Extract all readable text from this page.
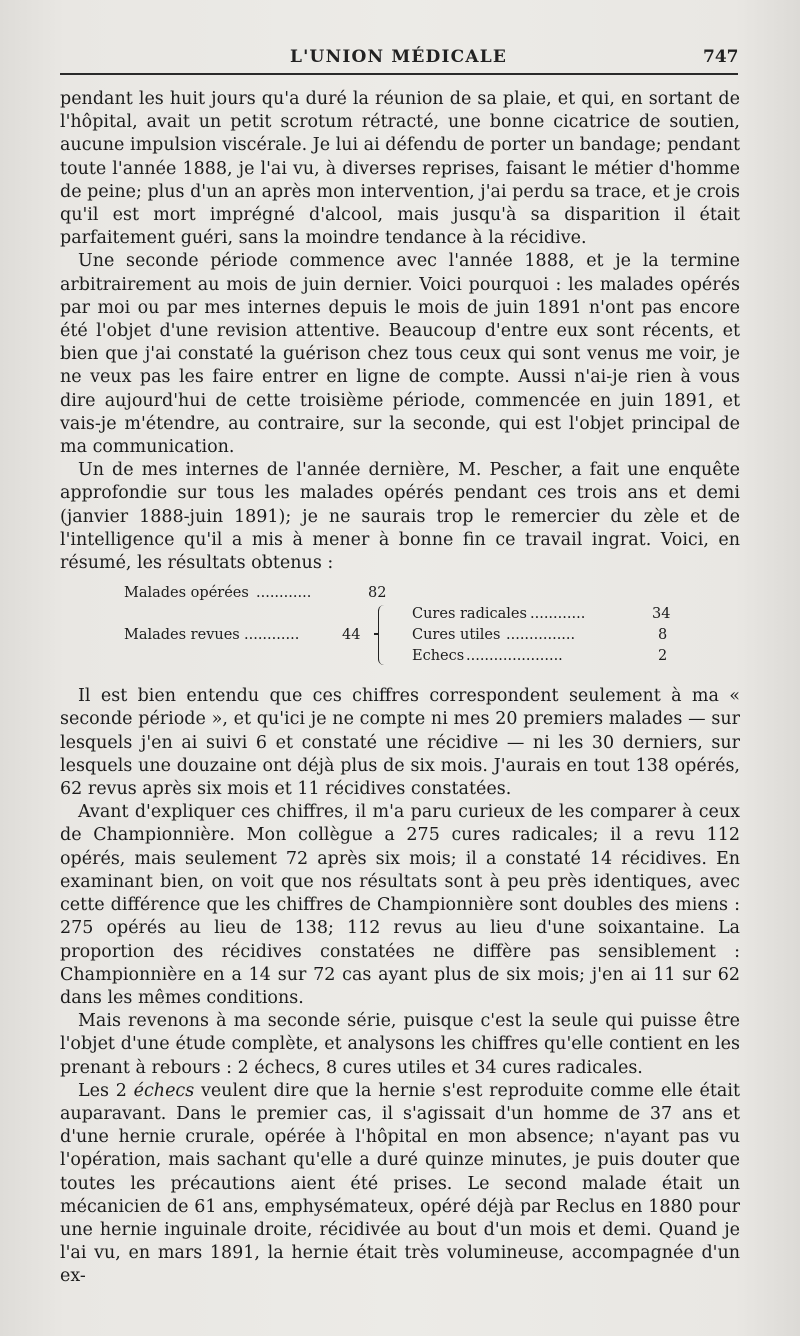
L'UNION MÉDICALE	747

pendant les huit jours qu'a duré la réunion de sa plaie, et qui, en sortant de l'hôpital, avait un petit scrotum rétracté, une bonne cicatrice de soutien, aucune impulsion viscérale. Je lui ai défendu de porter un bandage; pendant toute l'année 1888, je l'ai vu, à diverses reprises, faisant le métier d'homme de peine; plus d'un an après mon intervention, j'ai perdu sa trace, et je crois qu'il est mort imprégné d'alcool, mais jusqu'à sa disparition il était parfaitement guéri, sans la moindre tendance à la récidive.

Une seconde période commence avec l'année 1888, et je la termine arbitrairement au mois de juin dernier. Voici pourquoi : les malades opérés par moi ou par mes internes depuis le mois de juin 1891 n'ont pas encore été l'objet d'une revision attentive. Beaucoup d'entre eux sont récents, et bien que j'ai constaté la guérison chez tous ceux qui sont venus me voir, je ne veux pas les faire entrer en ligne de compte. Aussi n'ai-je rien à vous dire aujourd'hui de cette troisième période, commencée en juin 1891, et vais-je m'étendre, au contraire, sur la seconde, qui est l'objet principal de ma communication.

Un de mes internes de l'année dernière, M. Pescher, a fait une enquête approfondie sur tous les malades opérés pendant ces trois ans et demi (janvier 1888-juin 1891); je ne saurais trop le remercier du zèle et de l'intelligence qu'il a mis à mener à bonne fin ce travail ingrat. Voici, en résumé, les résultats obtenus :

Malades opérées ............	82
Malades revues ............	44
Cures radicales ............	34
Cures utiles ...............	8
Echecs .....................	2

Il est bien entendu que ces chiffres correspondent seulement à ma « seconde période », et qu'ici je ne compte ni mes 20 premiers malades — sur lesquels j'en ai suivi 6 et constaté une récidive — ni les 30 derniers, sur lesquels une douzaine ont déjà plus de six mois. J'aurais en tout 138 opérés, 62 revus après six mois et 11 récidives constatées.

Avant d'expliquer ces chiffres, il m'a paru curieux de les comparer à ceux de Championnière. Mon collègue a 275 cures radicales; il a revu 112 opérés, mais seulement 72 après six mois; il a constaté 14 récidives. En examinant bien, on voit que nos résultats sont à peu près identiques, avec cette différence que les chiffres de Championnière sont doubles des miens : 275 opérés au lieu de 138; 112 revus au lieu d'une soixantaine. La proportion des récidives constatées ne diffère pas sensiblement : Championnière en a 14 sur 72 cas ayant plus de six mois; j'en ai 11 sur 62 dans les mêmes conditions.

Mais revenons à ma seconde série, puisque c'est la seule qui puisse être l'objet d'une étude complète, et analysons les chiffres qu'elle contient en les prenant à rebours : 2 échecs, 8 cures utiles et 34 cures radicales.

Les 2 échecs veulent dire que la hernie s'est reproduite comme elle était auparavant. Dans le premier cas, il s'agissait d'un homme de 37 ans et d'une hernie crurale, opérée à l'hôpital en mon absence; n'ayant pas vu l'opération, mais sachant qu'elle a duré quinze minutes, je puis douter que toutes les précautions aient été prises. Le second malade était un mécanicien de 61 ans, emphysémateux, opéré déjà par Reclus en 1880 pour une hernie inguinale droite, récidivée au bout d'un mois et demi. Quand je l'ai vu, en mars 1891, la hernie était très volumineuse, accompagnée d'un ex-
